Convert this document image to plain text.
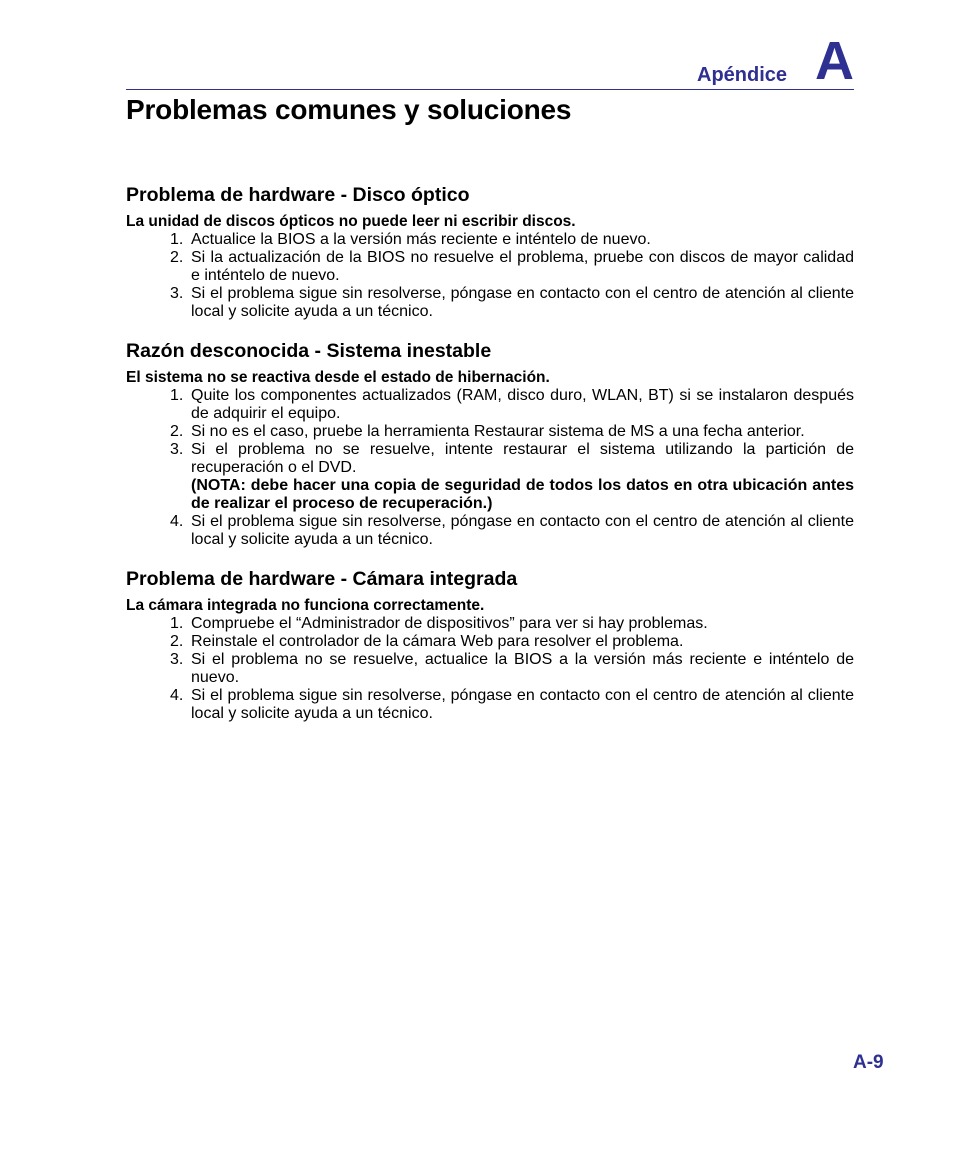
Apéndice A
Problemas comunes y soluciones
Problema de hardware - Disco óptico

La unidad de discos ópticos no puede leer ni escribir discos.

1. Actualice la BIOS a la versión más reciente e inténtelo de nuevo.
2. Si la actualización de la BIOS no resuelve el problema, pruebe con discos de mayor calidad e inténtelo de nuevo.
3. Si el problema sigue sin resolverse, póngase en contacto con el centro de atención al cliente local y solicite ayuda a un técnico.
Razón desconocida - Sistema inestable

El sistema no se reactiva desde el estado de hibernación.

1. Quite los componentes actualizados (RAM, disco duro, WLAN, BT) si se instalaron después de adquirir el equipo.
2. Si no es el caso, pruebe la herramienta Restaurar sistema de MS a una fecha anterior.
3. Si el problema no se resuelve, intente restaurar el sistema utilizando la partición de recuperación o el DVD.
(NOTA: debe hacer una copia de seguridad de todos los datos en otra ubicación antes de realizar el proceso de recuperación.)
4. Si el problema sigue sin resolverse, póngase en contacto con el centro de atención al cliente local y solicite ayuda a un técnico.
Problema de hardware - Cámara integrada

La cámara integrada no funciona correctamente.

1. Compruebe el “Administrador de dispositivos” para ver si hay problemas.
2. Reinstale el controlador de la cámara Web para resolver el problema.
3. Si el problema no se resuelve, actualice la BIOS a la versión más reciente e inténtelo de nuevo.
4. Si el problema sigue sin resolverse, póngase en contacto con el centro de atención al cliente local y solicite ayuda a un técnico.
A-9
